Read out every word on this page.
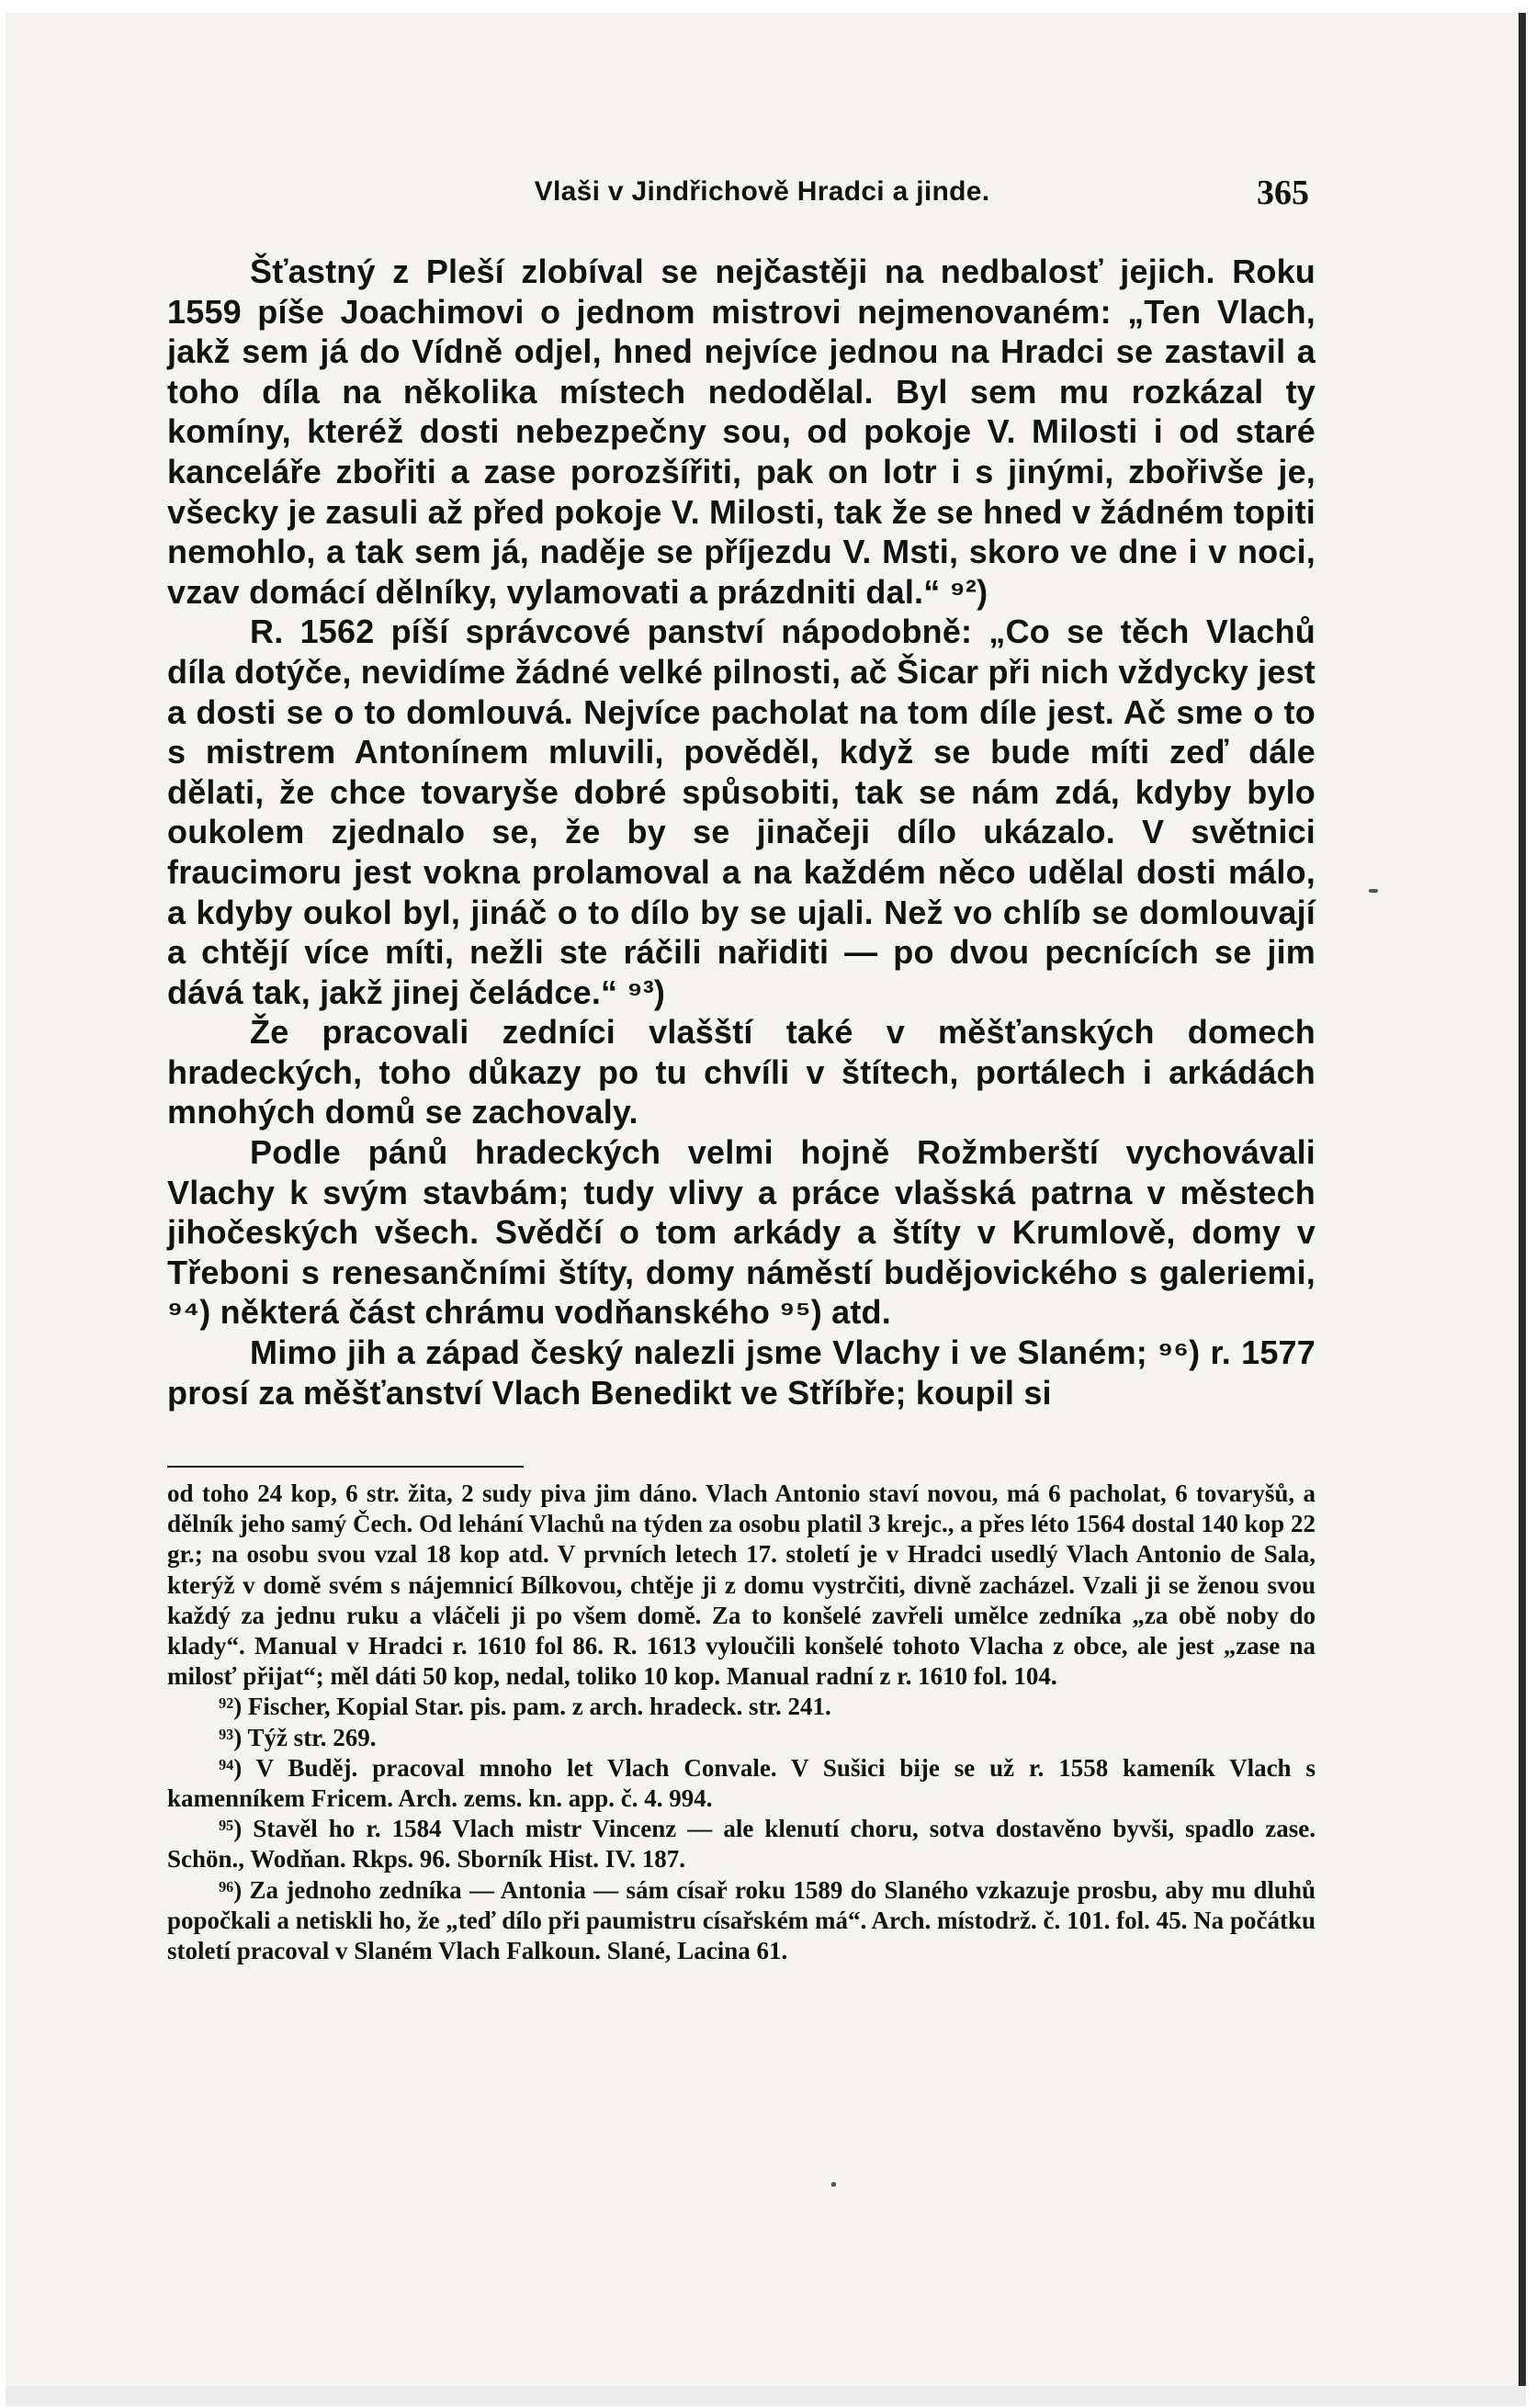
Vlaši v Jindřichově Hradci a jinde.	365

Šťastný z Pleší zlobíval se nejčastěji na nedbalosť jejich. Roku 1559 píše Joachimovi o jednom mistrovi nejmenovaném: „Ten Vlach, jakž sem já do Vídně odjel, hned nejvíce jednou na Hradci se zastavil a toho díla na několika místech nedodělal. Byl sem mu rozkázal ty komíny, kteréž dosti nebezpečny sou, od pokoje V. Milosti i od staré kanceláře zbořiti a zase porozšířiti, pak on lotr i s jinými, zbořivše je, všecky je zasuli až před pokoje V. Milosti, tak že se hned v žádném topiti nemohlo, a tak sem já, naděje se příjezdu V. Msti, skoro ve dne i v noci, vzav domácí dělníky, vylamovati a prázdniti dal.“ ⁹²)

R. 1562 píší správcové panství nápodobně: „Co se těch Vlachů díla dotýče, nevidíme žádné velké pilnosti, ač Šicar při nich vždycky jest a dosti se o to domlouvá. Nejvíce pacholat na tom díle jest. Ač sme o to s mistrem Antonínem mluvili, pověděl, když se bude míti zeď dále dělati, že chce tovaryše dobré spůsobiti, tak se nám zdá, kdyby bylo oukolem zjednalo se, že by se jinačeji dílo ukázalo. V světnici fraucimoru jest vokna prolamoval a na každém něco udělal dosti málo, a kdyby oukol byl, jináč o to dílo by se ujali. Než vo chlíb se domlouvají a chtějí více míti, nežli ste ráčili nařiditi — po dvou pecnících se jim dává tak, jakž jinej čeládce.“ ⁹³)

Že pracovali zedníci vlašští také v měšťanských domech hradeckých, toho důkazy po tu chvíli v štítech, portálech i arkádách mnohých domů se zachovaly.

Podle pánů hradeckých velmi hojně Rožmberští vychovávali Vlachy k svým stavbám; tudy vlivy a práce vlašská patrna v městech jihočeských všech. Svědčí o tom arkády a štíty v Krumlově, domy v Třeboni s renesančními štíty, domy náměstí budějovického s galeriemi, ⁹⁴) některá část chrámu vodňanského ⁹⁵) atd.

Mimo jih a západ český nalezli jsme Vlachy i ve Slaném; ⁹⁶) r. 1577 prosí za měšťanství Vlach Benedikt ve Stříbře; koupil si

od toho 24 kop, 6 str. žita, 2 sudy piva jim dáno. Vlach Antonio staví novou, má 6 pacholat, 6 tovaryšů, a dělník jeho samý Čech. Od lehání Vlachů na týden za osobu platil 3 krejc., a přes léto 1564 dostal 140 kop 22 gr.; na osobu svou vzal 18 kop atd. V prvních letech 17. století je v Hradci usedlý Vlach Antonio de Sala, kterýž v domě svém s nájemnicí Bílkovou, chtěje ji z domu vystrčiti, divně zacházel. Vzali ji se ženou svou každý za jednu ruku a vláčeli ji po všem domě. Za to konšelé zavřeli umělce zedníka „za obě noby do klady“. Manual v Hradci r. 1610 fol 86. R. 1613 vyloučili konšelé tohoto Vlacha z obce, ale jest „zase na milosť přijat“; měl dáti 50 kop, nedal, toliko 10 kop. Manual radní z r. 1610 fol. 104.

⁹²) Fischer, Kopial Star. pis. pam. z arch. hradeck. str. 241.

⁹³) Týž str. 269.

⁹⁴) V Buděj. pracoval mnoho let Vlach Convale. V Sušici bije se už r. 1558 kameník Vlach s kamenníkem Fricem. Arch. zems. kn. app. č. 4. 994.

⁹⁵) Stavěl ho r. 1584 Vlach mistr Vincenz — ale klenutí choru, sotva dostavěno byvši, spadlo zase. Schön., Wodňan. Rkps. 96. Sborník Hist. IV. 187.

⁹⁶) Za jednoho zedníka — Antonia — sám císař roku 1589 do Slaného vzkazuje prosbu, aby mu dluhů popočkali a netiskli ho, že „teď dílo při paumistru císařském má“. Arch. místodrž. č. 101. fol. 45. Na počátku století pracoval v Slaném Vlach Falkoun. Slané, Lacina 61.
